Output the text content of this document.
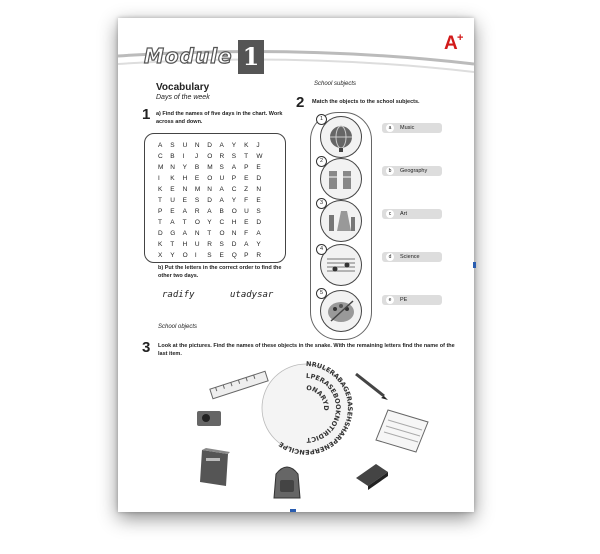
Module 1	A +
Vocabulary
Days of the week
1 a) Find the names of five days in the chart. Work across and down.
b) Put the letters in the correct order to find the other two days.
radify	utadysar
School subjects
2 Match the objects to the school subjects.
1
2
3
4
5
a	Music
b	Geography
c	Art
d	Science
e	PE
School objects
3 Look at the pictures. Find the names of these objects in the snake. With the remaining letters find the name of the last item.
NRULERABAGERASEHSHARPENERPENCILPE
LPERASEBOOKNOTIRDICT
ONARYD
A	S	U	N	D	A	Y	K	J
C	B	I	J	O	R	S	T	W
M	N	Y	B	M	S	A	P	E
I	K	H	E	O	U	P	E	D
K	E	N	M	N	A	C	Z	N
T	U	E	S	D	A	Y	F	E
P	E	A	R	A	B	O	U	S
T	A	T	O	Y	C	H	E	D
D	G	A	N	T	O	N	F	A
K	T	H	U	R	S	D	A	Y
X	Y	O	I	S	E	Q	P	R
